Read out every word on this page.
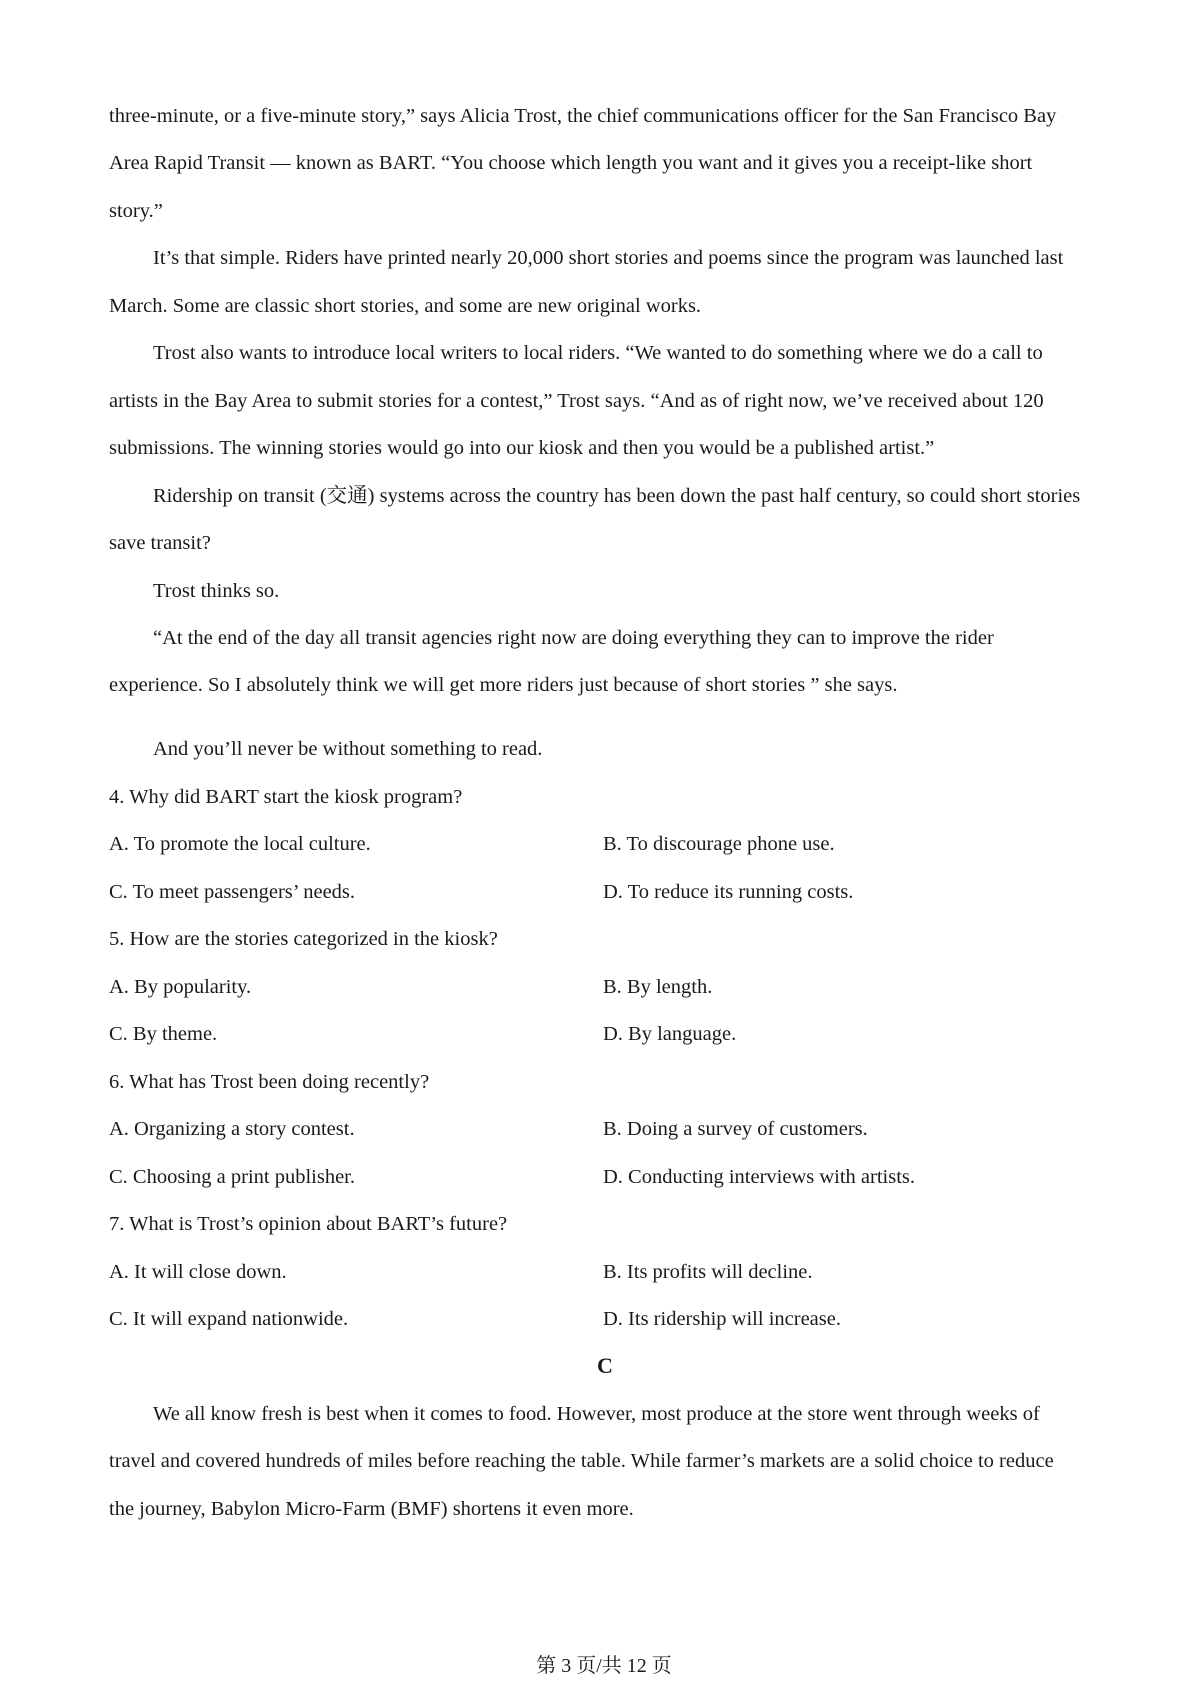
three-minute, or a five-minute story,” says Alicia Trost, the chief communications officer for the San Francisco Bay
Area Rapid Transit — known as BART. “You choose which length you want and it gives you a receipt-like short
story.”
It’s that simple. Riders have printed nearly 20,000 short stories and poems since the program was launched last
March. Some are classic short stories, and some are new original works.
Trost also wants to introduce local writers to local riders. “We wanted to do something where we do a call to
artists in the Bay Area to submit stories for a contest,” Trost says. “And as of right now, we’ve received about 120
submissions. The winning stories would go into our kiosk and then you would be a published artist.”
Ridership on transit (交通) systems across the country has been down the past half century, so could short stories
save transit?
Trost thinks so.
“At the end of the day all transit agencies right now are doing everything they can to improve the rider
experience. So I absolutely think we will get more riders just because of short stories ” she says.
And you’ll never be without something to read.
4. Why did BART start the kiosk program?
A. To promote the local culture.	B. To discourage phone use.
C. To meet passengers’ needs.	D. To reduce its running costs.
5. How are the stories categorized in the kiosk?
A. By popularity.	B. By length.
C. By theme.	D. By language.
6. What has Trost been doing recently?
A. Organizing a story contest.	B. Doing a survey of customers.
C. Choosing a print publisher.	D. Conducting interviews with artists.
7. What is Trost’s opinion about BART’s future?
A. It will close down.	B. Its profits will decline.
C. It will expand nationwide.	D. Its ridership will increase.
C
We all know fresh is best when it comes to food. However, most produce at the store went through weeks of
travel and covered hundreds of miles before reaching the table. While farmer’s markets are a solid choice to reduce
the journey, Babylon Micro-Farm (BMF) shortens it even more.
第 3 页/共 12 页
